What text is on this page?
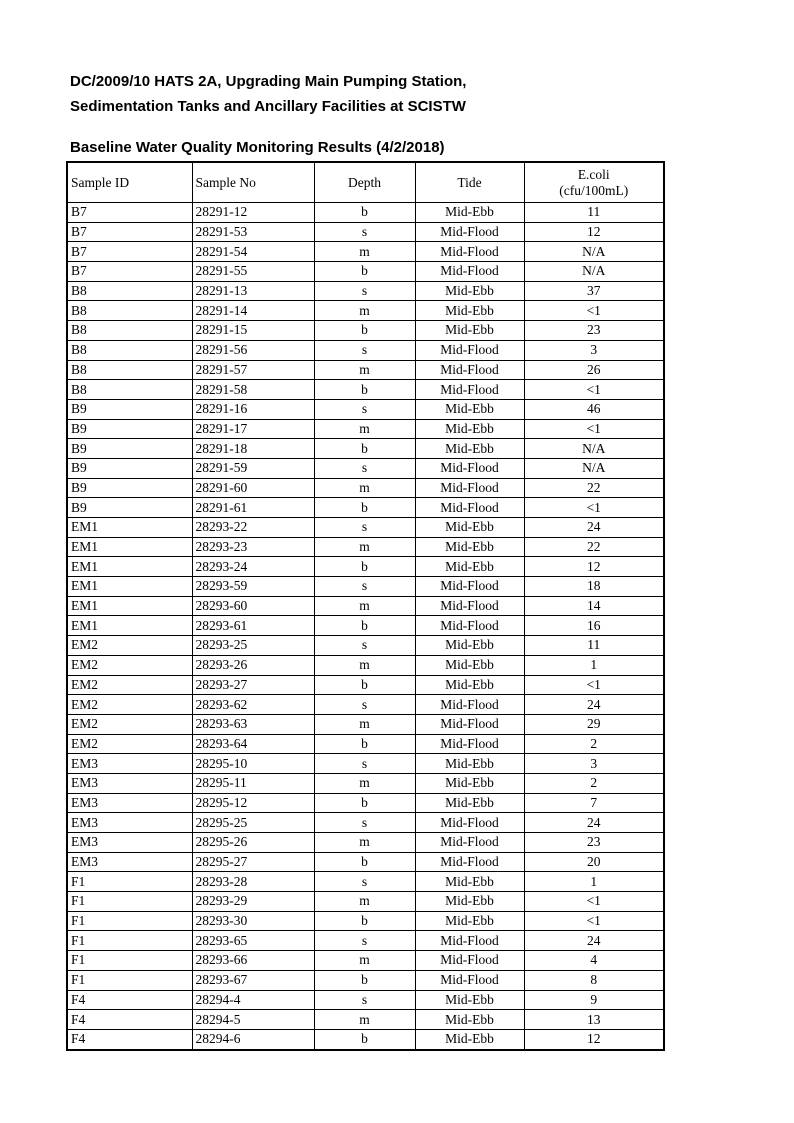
DC/2009/10 HATS 2A, Upgrading Main Pumping Station,
Sedimentation Tanks and Ancillary Facilities at SCISTW
Baseline Water Quality Monitoring Results (4/2/2018)
Sample ID	Sample No	Depth	Tide	E.coli
(cfu/100mL)

B7	28291-12	b	Mid-Ebb	11
B7	28291-53	s	Mid-Flood	12
B7	28291-54	m	Mid-Flood	N/A
B7	28291-55	b	Mid-Flood	N/A
B8	28291-13	s	Mid-Ebb	37
B8	28291-14	m	Mid-Ebb	<1
B8	28291-15	b	Mid-Ebb	23
B8	28291-56	s	Mid-Flood	3
B8	28291-57	m	Mid-Flood	26
B8	28291-58	b	Mid-Flood	<1
B9	28291-16	s	Mid-Ebb	46
B9	28291-17	m	Mid-Ebb	<1
B9	28291-18	b	Mid-Ebb	N/A
B9	28291-59	s	Mid-Flood	N/A
B9	28291-60	m	Mid-Flood	22
B9	28291-61	b	Mid-Flood	<1
EM1	28293-22	s	Mid-Ebb	24
EM1	28293-23	m	Mid-Ebb	22
EM1	28293-24	b	Mid-Ebb	12
EM1	28293-59	s	Mid-Flood	18
EM1	28293-60	m	Mid-Flood	14
EM1	28293-61	b	Mid-Flood	16
EM2	28293-25	s	Mid-Ebb	11
EM2	28293-26	m	Mid-Ebb	1
EM2	28293-27	b	Mid-Ebb	<1
EM2	28293-62	s	Mid-Flood	24
EM2	28293-63	m	Mid-Flood	29
EM2	28293-64	b	Mid-Flood	2
EM3	28295-10	s	Mid-Ebb	3
EM3	28295-11	m	Mid-Ebb	2
EM3	28295-12	b	Mid-Ebb	7
EM3	28295-25	s	Mid-Flood	24
EM3	28295-26	m	Mid-Flood	23
EM3	28295-27	b	Mid-Flood	20
F1	28293-28	s	Mid-Ebb	1
F1	28293-29	m	Mid-Ebb	<1
F1	28293-30	b	Mid-Ebb	<1
F1	28293-65	s	Mid-Flood	24
F1	28293-66	m	Mid-Flood	4
F1	28293-67	b	Mid-Flood	8
F4	28294-4	s	Mid-Ebb	9
F4	28294-5	m	Mid-Ebb	13
F4	28294-6	b	Mid-Ebb	12
